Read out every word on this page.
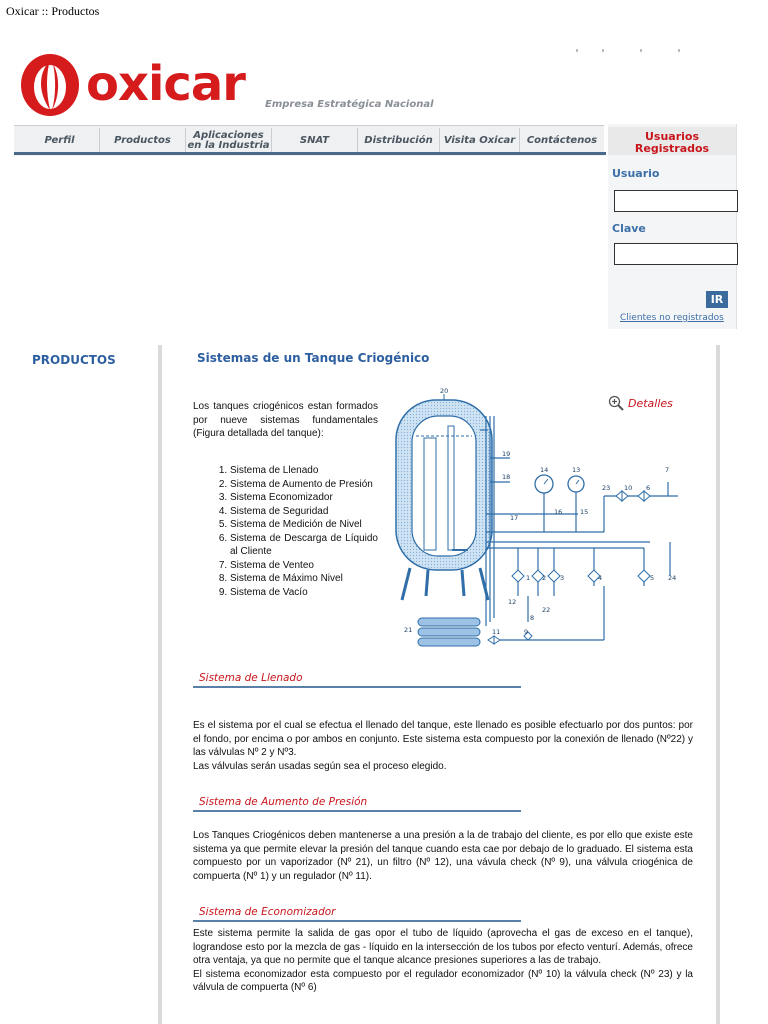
Oxicar :: Productos
oxicar Empresa Estratégica Nacional
Perfil	Productos	Aplicaciones en la Industria	SNAT	Distribución	Visita Oxicar	Contáctenos	Usuarios Registrados
Usuario
Clave
IR
Clientes no registrados
PRODUCTOS	Sistemas de un Tanque Criogénico
Detalles
Los tanques criogénicos estan formados por nueve sistemas fundamentales (Figura detallada del tanque):
1. Sistema de Llenado
2. Sistema de Aumento de Presión
3. Sistema Economizador
4. Sistema de Seguridad
5. Sistema de Medición de Nivel
6. Sistema de Descarga de Líquido al Cliente
7. Sistema de Venteo
8. Sistema de Máximo Nivel
9. Sistema de Vacío
20
19
18
14	13	7
17
16	15
23 10 6
5
4
3
2
1
12
8
22
21	11	9
24
Sistema de Llenado

Es el sistema por el cual se efectua el llenado del tanque, este llenado es posible efectuarlo por dos puntos: por el fondo, por encima o por ambos en conjunto. Este sistema esta compuesto por la conexión de llenado (Nº22) y las válvulas Nº 2 y Nº3.

Las válvulas serán usadas según sea el proceso elegido.

Sistema de Aumento de Presión

Los Tanques Criogénicos deben mantenerse a una presión a la de trabajo del cliente, es por ello que existe este sistema ya que permite elevar la presión del tanque cuando esta cae por debajo de lo graduado. El sistema esta compuesto por un vaporizador (Nº 21), un filtro (Nº 12), una vávula check (Nº 9), una válvula criogénica de compuerta (Nº 1) y un regulador (Nº 11).

Sistema de Economizador

Este sistema permite la salida de gas opor el tubo de líquido (aprovecha el gas de exceso en el tanque), lograndose esto por la mezcla de gas - líquido en la intersección de los tubos por efecto venturí. Además, ofrece otra ventaja, ya que no permite que el tanque alcance presiones superiores a las de trabajo.

El sistema economizador esta compuesto por el regulador economizador (Nº 10) la válvula check (Nº 23) y la válvula de compuerta (Nº 6)
